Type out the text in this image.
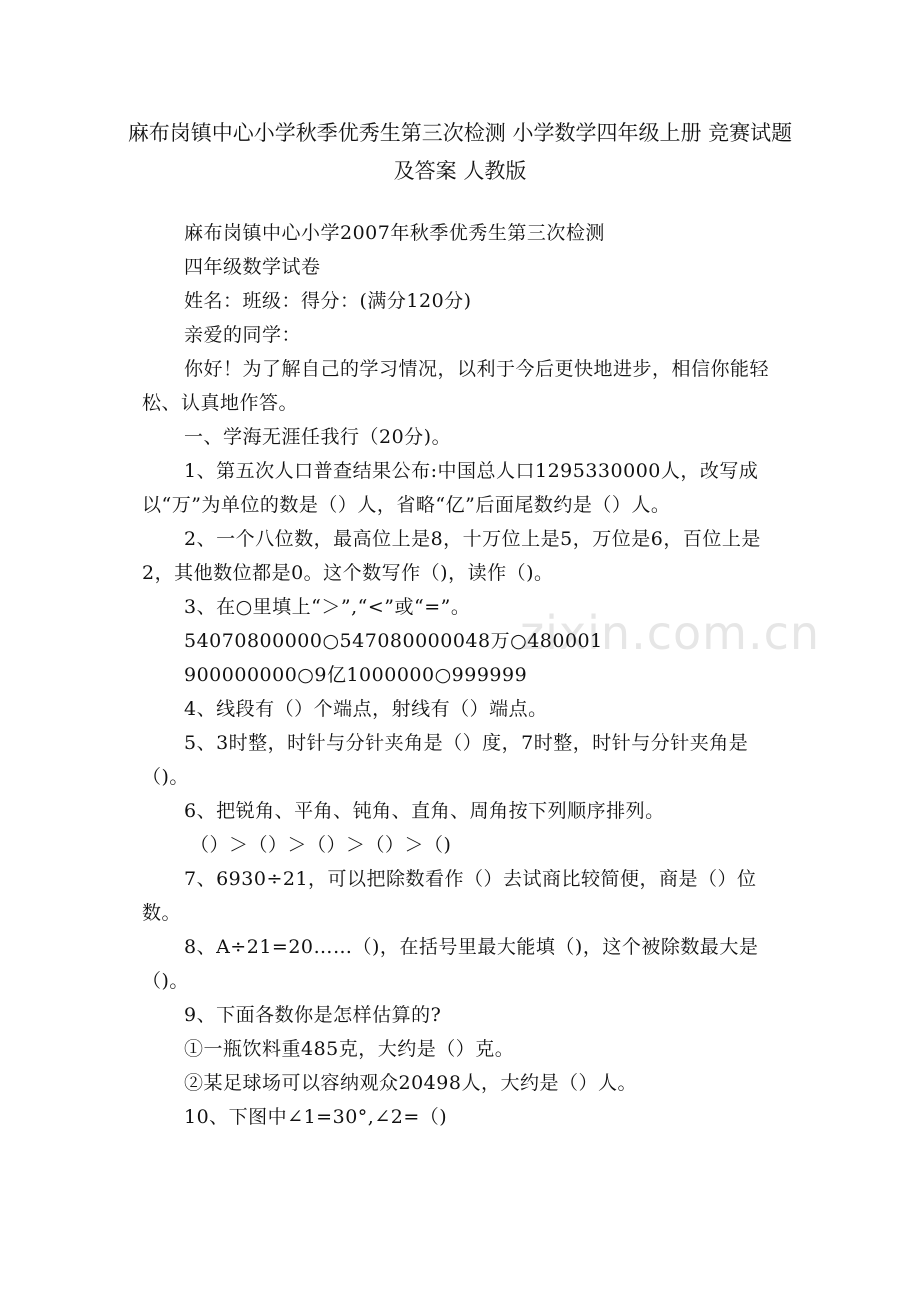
麻布岗镇中心小学秋季优秀生第三次检测 小学数学四年级上册 竞赛试题及答案 人教版
zixin.com.cn

麻布岗镇中心小学2007年秋季优秀生第三次检测

四年级数学试卷

姓名：班级：得分：(满分120分)

亲爱的同学：

你好！为了解自己的学习情况，以利于今后更快地进步，相信你能轻松、认真地作答。

一、学海无涯任我行（20分)。

1、第五次人口普查结果公布:中国总人口1295330000人，改写成以“万”为单位的数是（）人，省略“亿”后面尾数约是（）人。

2、一个八位数，最高位上是8，十万位上是5，万位是6，百位上是2，其他数位都是0。这个数写作（)，读作（)。

3、在○里填上“＞”,“<”或“=”。

54070800000○547080000048万○480001

900000000○9亿1000000○999999

4、线段有（）个端点，射线有（）端点。

5、3时整，时针与分针夹角是（）度，7时整，时针与分针夹角是（)。

6、把锐角、平角、钝角、直角、周角按下列顺序排列。

（）＞（）＞（）＞（）＞（)

7、6930÷21，可以把除数看作（）去试商比较简便，商是（）位数。

8、A÷21=20……（)，在括号里最大能填（)，这个被除数最大是（)。

9、下面各数你是怎样估算的?

①一瓶饮料重485克，大约是（）克。

②某足球场可以容纳观众20498人，大约是（）人。

10、下图中∠1=30°,∠2=（)
